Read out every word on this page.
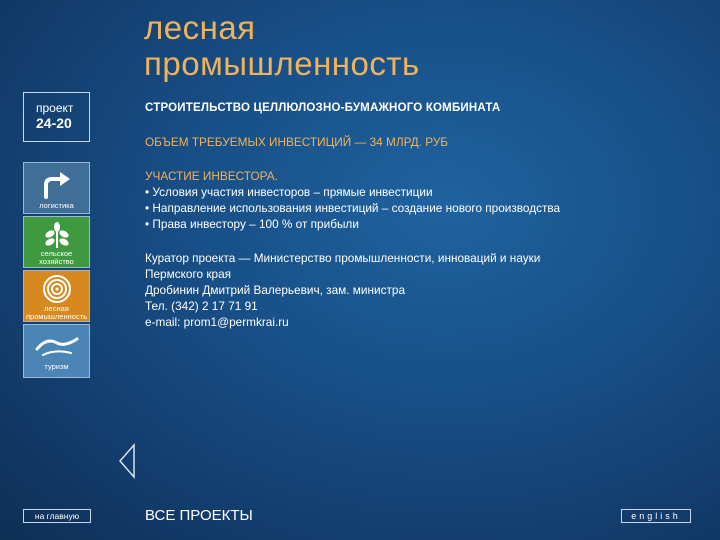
лесная
промышленность
проект
24-20
логистика
сельское
хозяйство
лесная
промышленность
туризм
СТРОИТЕЛЬСТВО ЦЕЛЛЮЛОЗНО-БУМАЖНОГО КОМБИНАТА
ОБЪЕМ ТРЕБУЕМЫХ ИНВЕСТИЦИЙ — 34 МЛРД. РУБ
УЧАСТИЕ ИНВЕСТОРА.
• Условия участия инвесторов – прямые инвестиции
• Направление использования инвестиций – создание нового производства
• Права инвестору – 100 % от прибыли

Куратор проекта — Министерство промышленности, инноваций и науки

Пермского края

Дробинин Дмитрий Валерьевич, зам. министра

Тел. (342) 2 17 71 91

e-mail: prom1@permkrai.ru

на главную	ВСЕ ПРОЕКТЫ	english
